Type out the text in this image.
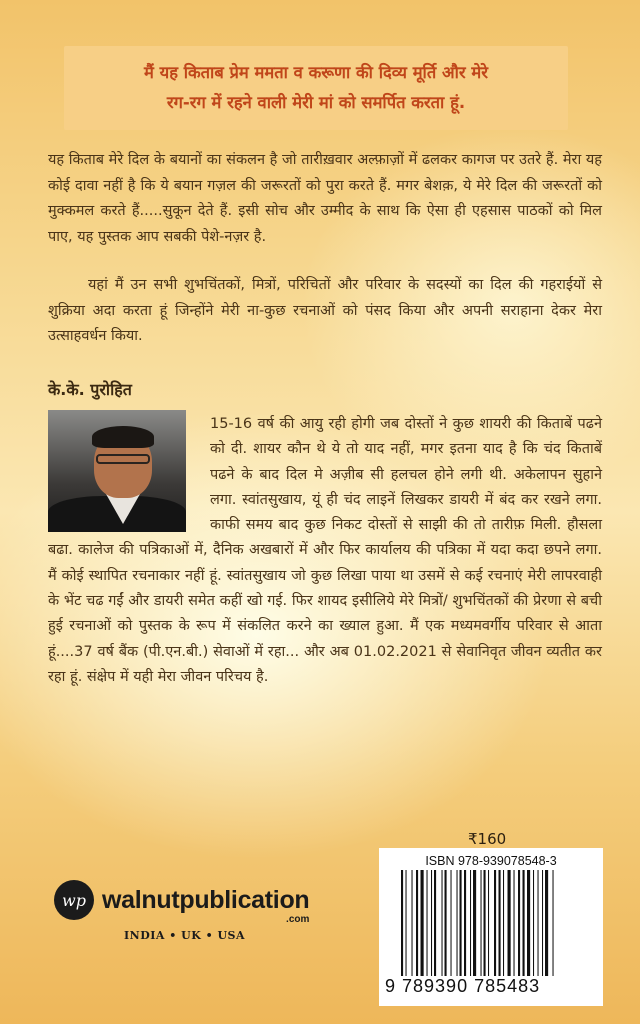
मैं यह किताब प्रेम ममता व करूणा की दिव्य मूर्ति और मेरे
रग-रग में रहने वाली मेरी मां को समर्पित करता हूं.

यह किताब मेरे दिल के बयानों का संकलन है जो तारीख़वार अल्फ़ाज़ों में ढलकर कागज पर उतरे हैं. मेरा यह कोई दावा नहीं है कि ये बयान गज़ल की जरूरतों को पुरा करते हैं. मगर बेशक़, ये मेरे दिल की जरूरतों को मुक्कमल करते हैं.....सुकून देते हैं. इसी सोच और उम्मीद के साथ कि ऐसा ही एहसास पाठकों को मिल पाए, यह पुस्तक आप सबकी पेशे-नज़र है.

यहां मैं उन सभी शुभचिंतकों, मित्रों, परिचितों और परिवार के सदस्यों का दिल की गहराईयों से शुक्रिया अदा करता हूं जिन्होंने मेरी ना-कुछ रचनाओं को पंसद किया और अपनी सराहाना देकर मेरा उत्साहवर्धन किया.

के.के. पुरोहित

15-16 वर्ष की आयु रही होगी जब दोस्तों ने कुछ शायरी की किताबें पढने को दी. शायर कौन थे ये तो याद नहीं, मगर इतना याद है कि चंद किताबें पढने के बाद दिल मे अज़ीब सी हलचल होने लगी थी. अकेलापन सुहाने लगा. स्वांतसुखाय, यूं ही चंद लाइनें लिखकर डायरी में बंद कर रखने लगा. काफी समय बाद कुछ निकट दोस्तों से साझी की तो तारीफ़ मिली. हौसला बढा. कालेज की पत्रिकाओं में, दैनिक अखबारों में और फिर कार्यालय की पत्रिका में यदा कदा छपने लगा. मैं कोई स्थापित रचनाकार नहीं हूं. स्वांतसुखाय जो कुछ लिखा पाया था उसमें से कई रचनाएं मेरी लापरवाही के भेंट चढ गईं और डायरी समेत कहीं खो गई. फिर शायद इसीलिये मेरे मित्रों/ शुभचिंतकों की प्रेरणा से बची हुई रचनाओं को पुस्तक के रूप में संकलित करने का ख्याल हुआ. मैं एक मध्यमवर्गीय परिवार से आता हूं....37 वर्ष बैंक (पी.एन.बी.) सेवाओं में रहा... और अब 01.02.2021 से सेवानिवृत जीवन व्यतीत कर रहा हूं. संक्षेप में यही मेरा जीवन परिचय है.

₹160

ISBN 978-939078548-3
9 789390 785483
wp walnutpublication
.com

INDIA • UK • USA
